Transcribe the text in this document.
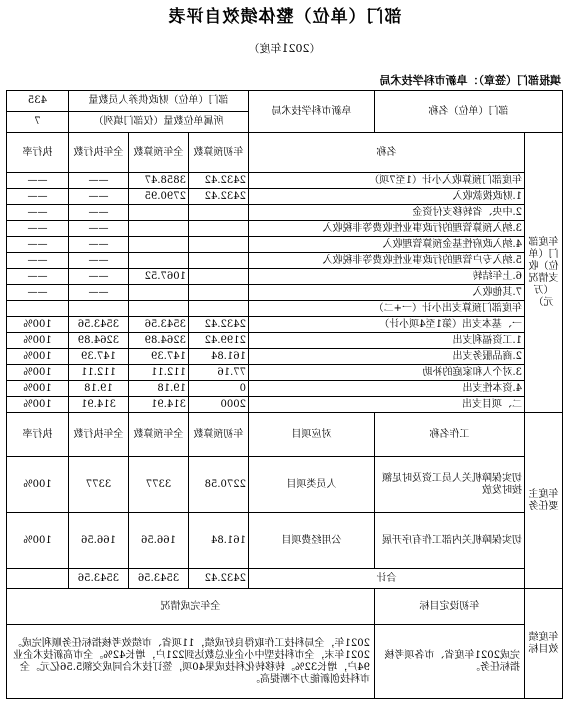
部门（单位）整体绩效自评表
（2021年度）
填报部门（签章）：阜新市科学技术局
部门（单位）名称		阜新市科学技术局	部门（单位）财政供养人员数量			435
			所属单位数量（仅部门填列）			7
年度部门（单位）收支情况（万元）	名称		年初预算数	全年预算数	全年执行数	执行率
	年度部门预算收入小计（1至7项）		2432.42	3858.47	——	——
	1.财政拨款收入		2432.42	2790.95	——	——
	2.中央、省转移支付资金				——	——
	3.纳入预算管理的行政事业性收费等非税收入				——	——
	4.纳入政府性基金预算管理收入				——	——
	5.纳入专户管理的行政事业性收费等非税收入				——	——
	6.上年结转			1067.52	——	——
	7.其他收入				——	——
	年度部门预算支出小计（一+二）					
	一、基本支出（第1至4项小计）		2432.42	3543.56	3543.56	100%
	1.工资福利支出		2199.42	3264.89	3264.89	100%
	2.商品服务支出		161.84	147.39	147.39	100%
	3.对个人和家庭的补助		77.16	112.11	112.11	100%
	4.资本性支出		0	19.18	19.18	100%
	二、项目支出		2000	314.91	314.91	100%
年度主要任务	工作名称	对应项目	年初预算数	全年预算数	全年执行数	执行率
	切实保障机关人员工资及时足额按时发放	人员类项目	2270.58	3377	3377	100%
	切实保障机关内部工作有序开展	公用经费项目	161.84	166.56	166.56	100%
	合计		2432.42	3543.56	3543.56	
年度绩效目标	年初设定目标	全年完成情况				
	完成2021年度省、市各项考核指标任务。	2021年，全局科技工作取得良好成绩，11项省、市绩效考核指标任务顺利完成。2021年末，全市科技型中小企业总数达到221户，增长42%。全市高新技术企业94户，增长32%。转移转化科技成果40项，签订技术合同成交额5.56亿元。全市科技创新能力不断提高。				
